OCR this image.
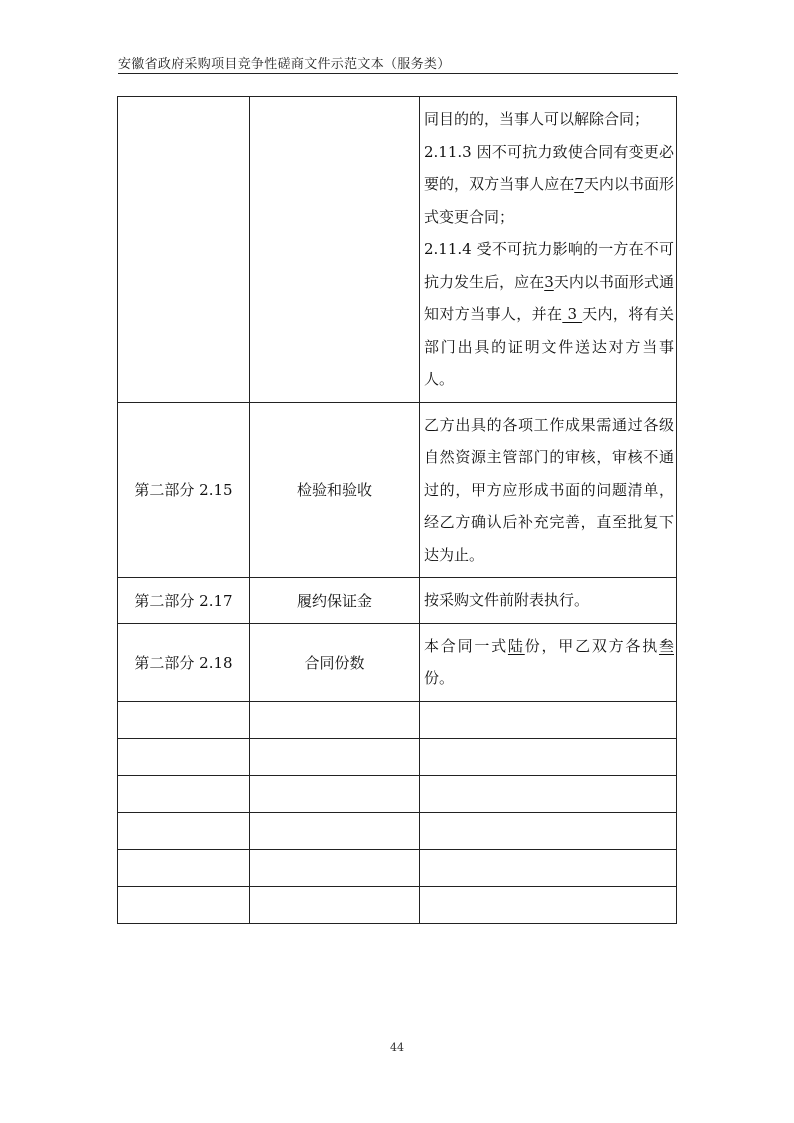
安徽省政府采购项目竞争性磋商文件示范文本（服务类）

		同目的的，当事人可以解除合同；

2.11.3 因不可抗力致使合同有变更必要的，双方当事人应在7天内以书面形式变更合同；

2.11.4 受不可抗力影响的一方在不可抗力发生后，应在3天内以书面形式通知对方当事人，并在 3 天内，将有关部门出具的证明文件送达对方当事人。

第二部分 2.15	检验和验收	乙方出具的各项工作成果需通过各级自然资源主管部门的审核，审核不通过的，甲方应形成书面的问题清单，经乙方确认后补充完善，直至批复下达为止。

第二部分 2.17	履约保证金	按采购文件前附表执行。

第二部分 2.18	合同份数	本合同一式陆份，甲乙双方各执叁份。

44
